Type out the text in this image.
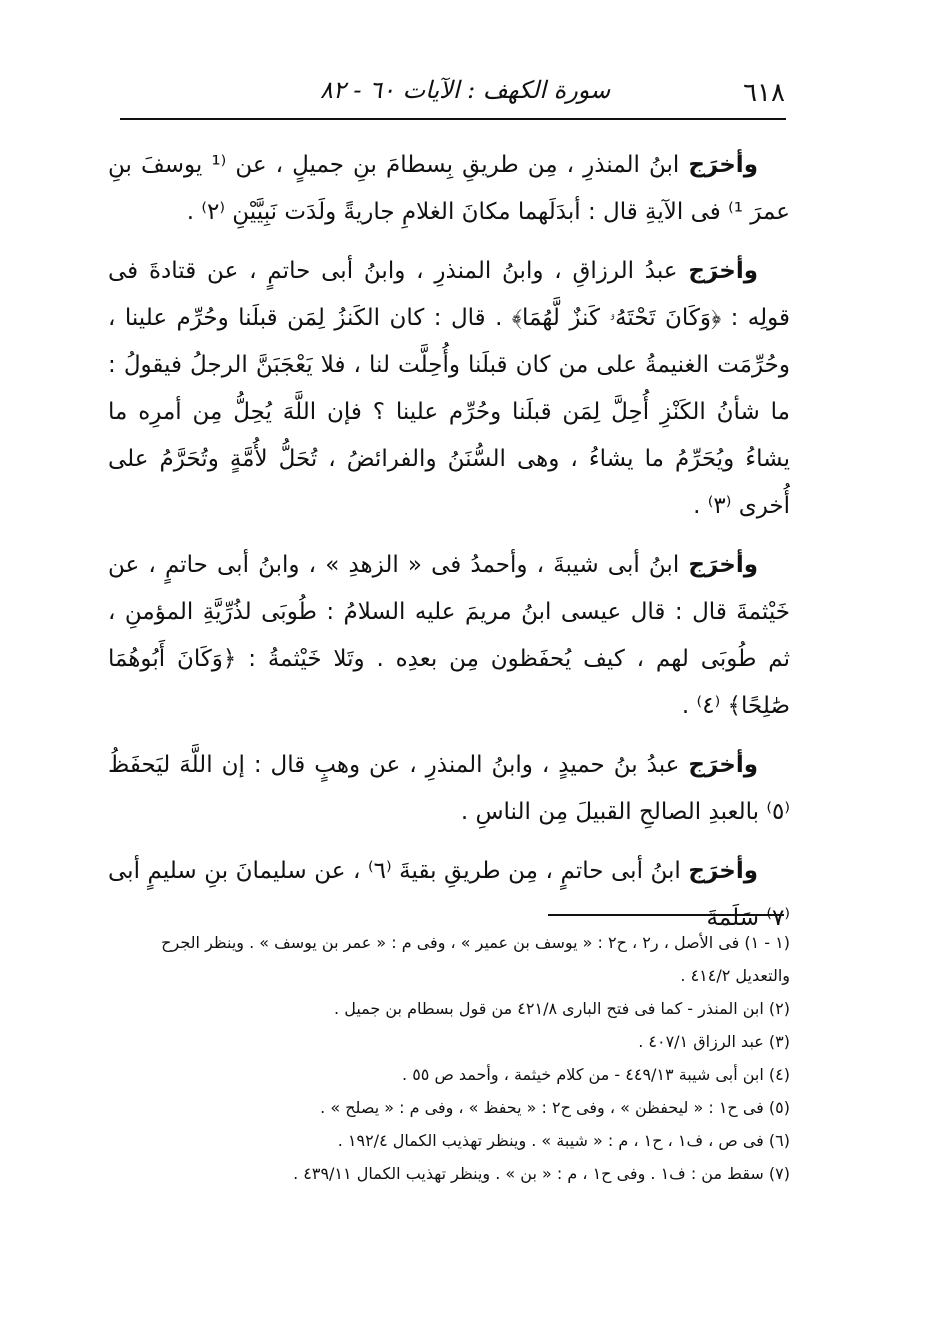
٦١٨
سورة الكهف : الآيات ٦٠ - ٨٢

وأخرَج ابنُ المنذرِ ، مِن طريقِ بِسطامَ بنِ جميلٍ ، عن ⁽¹ يوسفَ بنِ عمرَ ¹⁾ فى الآيةِ قال : أبدَلَهما مكانَ الغلامِ جاريةً ولَدَت نَبِيَّيْنِ ⁽٢⁾ .

وأخرَج عبدُ الرزاقِ ، وابنُ المنذرِ ، وابنُ أبى حاتمٍ ، عن قتادةَ فى قولِه : ﴿وَكَانَ تَحْتَهُۥ كَنزٌ لَّهُمَا﴾ . قال : كان الكَنزُ لِمَن قبلَنا وحُرِّم علينا ، وحُرِّمَت الغنيمةُ على من كان قبلَنا وأُحِلَّت لنا ، فلا يَعْجَبَنَّ الرجلُ فيقولُ : ما شأنُ الكَنْزِ أُحِلَّ لِمَن قبلَنا وحُرِّم علينا ؟ فإن اللَّهَ يُحِلُّ مِن أمرِه ما يشاءُ ويُحَرِّمُ ما يشاءُ ، وهى السُّنَنُ والفرائضُ ، تُحَلُّ لأُمَّةٍ وتُحَرَّمُ على أُخرى ⁽٣⁾ .

وأخرَج ابنُ أبى شيبةَ ، وأحمدُ فى « الزهدِ » ، وابنُ أبى حاتمٍ ، عن خَيْثمةَ قال : قال عيسى ابنُ مريمَ عليه السلامُ : طُوبَى لذُرِّيَّةِ المؤمنِ ، ثم طُوبَى لهم ، كيف يُحفَظون مِن بعدِه . وتَلا خَيْثمةُ : ﴿وَكَانَ أَبُوهُمَا صَٰلِحًا﴾ ⁽٤⁾ .

وأخرَج عبدُ بنُ حميدٍ ، وابنُ المنذرِ ، عن وهبٍ قال : إن اللَّهَ ليَحفَظُ ⁽٥⁾ بالعبدِ الصالحِ القبيلَ مِن الناسِ .

وأخرَج ابنُ أبى حاتمٍ ، مِن طريقِ بقيةَ ⁽٦⁾ ، عن سليمانَ بنِ سليمٍ أبى ⁽٧⁾ سَلَمةَ

(١ - ١) فى الأصل ، ر٢ ، ح٢ : « يوسف بن عمير » ، وفى م : « عمر بن يوسف » . وينظر الجرح والتعديل ٤١٤/٢ .

(٢) ابن المنذر - كما فى فتح البارى ٤٢١/٨ من قول بسطام بن جميل .

(٣) عبد الرزاق ٤٠٧/١ .

(٤) ابن أبى شيبة ٤٤٩/١٣ - من كلام خيثمة ، وأحمد ص ٥٥ .

(٥) فى ح١ : « ليحفظن » ، وفى ح٢ : « يحفظ » ، وفى م : « يصلح » .

(٦) فى ص ، ف١ ، ح١ ، م : « شيبة » . وينظر تهذيب الكمال ١٩٢/٤ .

(٧) سقط من : ف١ . وفى ح١ ، م : « بن » . وينظر تهذيب الكمال ٤٣٩/١١ .
